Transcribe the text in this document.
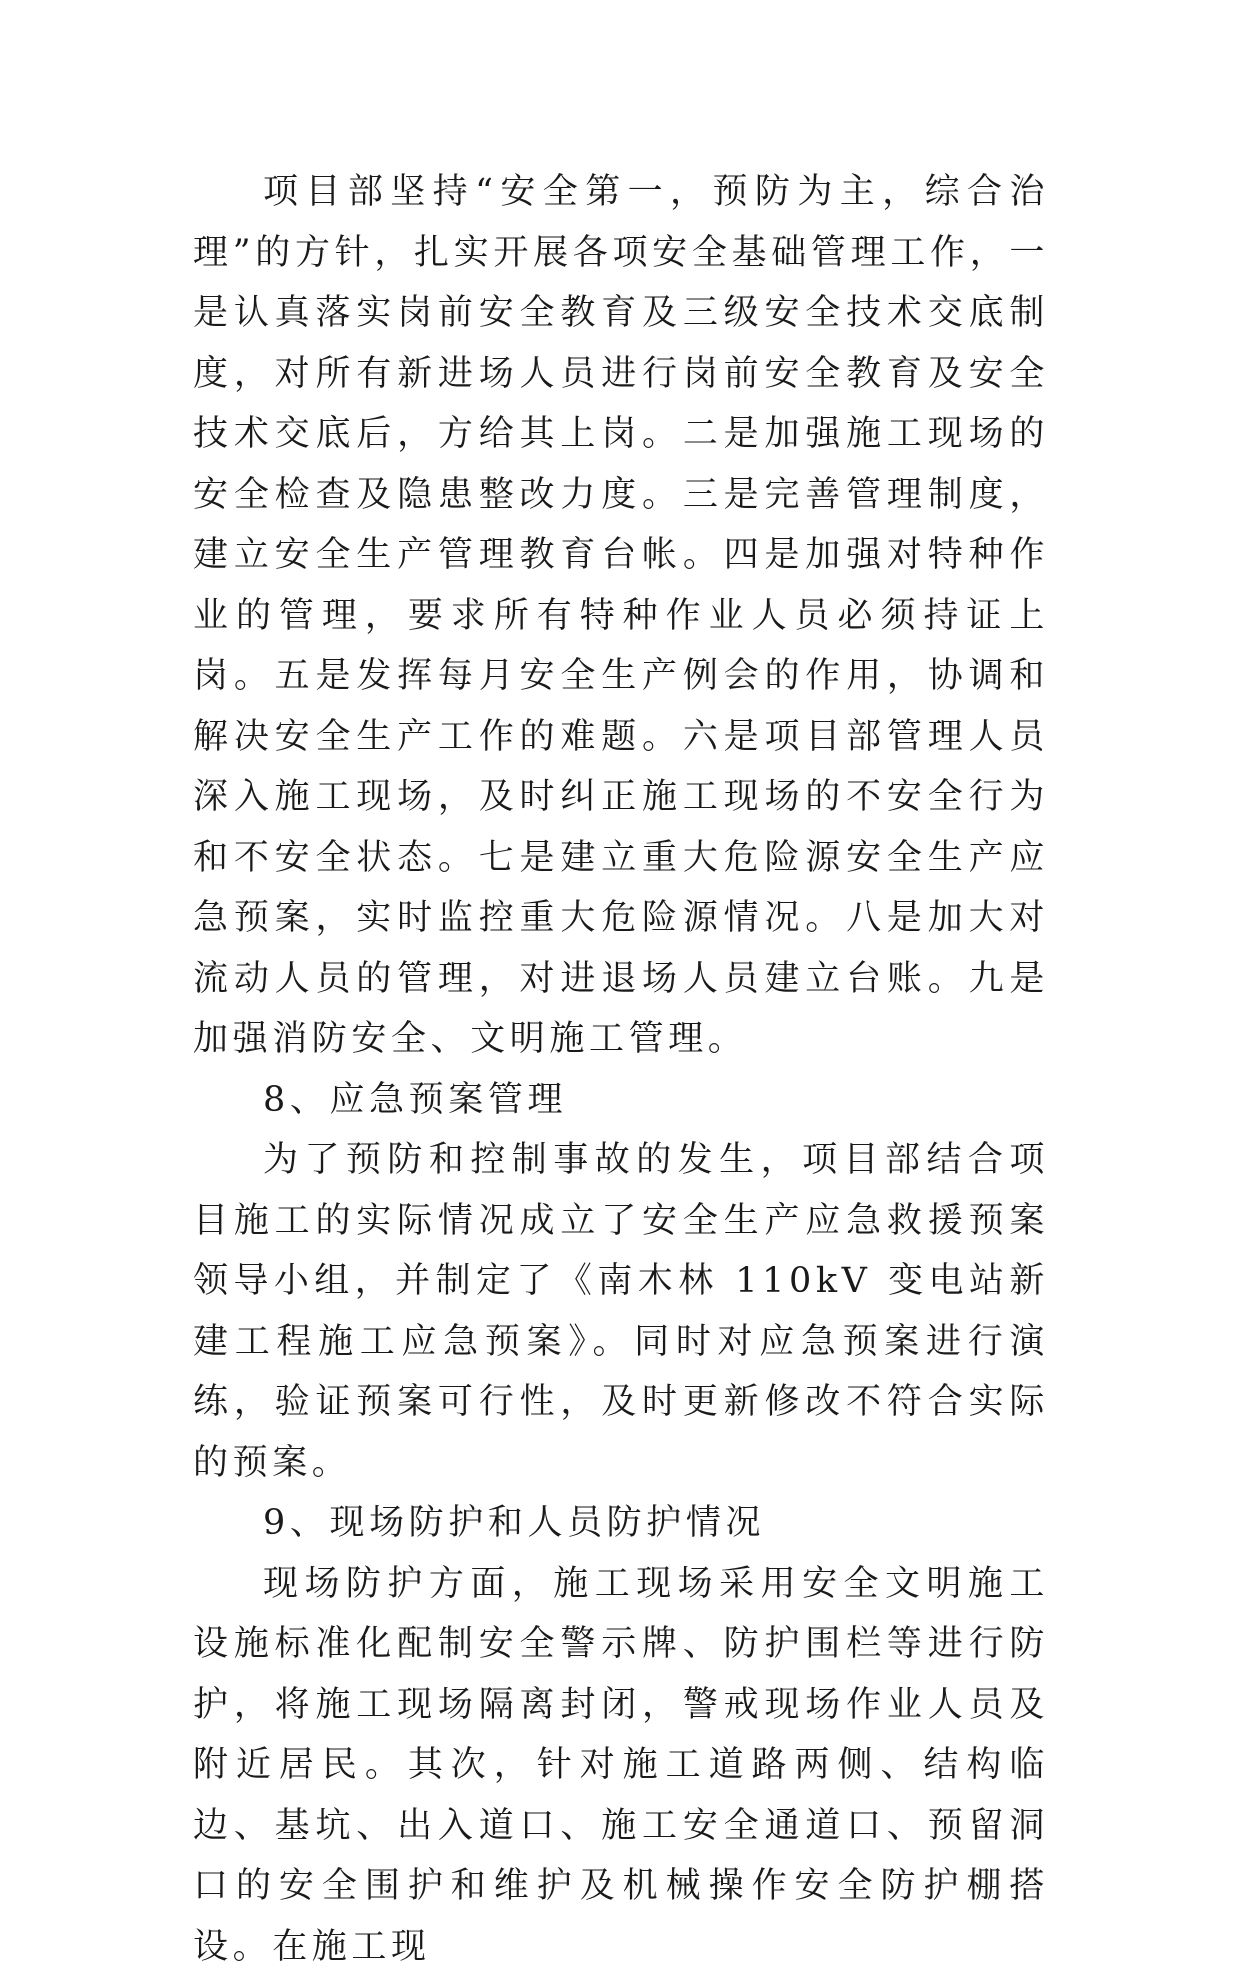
项目部坚持“安全第一，预防为主，综合治理”的方针，扎实开展各项安全基础管理工作，一是认真落实岗前安全教育及三级安全技术交底制度，对所有新进场人员进行岗前安全教育及安全技术交底后，方给其上岗。二是加强施工现场的安全检查及隐患整改力度。三是完善管理制度，建立安全生产管理教育台帐。四是加强对特种作业的管理，要求所有特种作业人员必须持证上岗。五是发挥每月安全生产例会的作用，协调和解决安全生产工作的难题。六是项目部管理人员深入施工现场，及时纠正施工现场的不安全行为和不安全状态。七是建立重大危险源安全生产应急预案，实时监控重大危险源情况。八是加大对流动人员的管理，对进退场人员建立台账。九是加强消防安全、文明施工管理。

8、应急预案管理

为了预防和控制事故的发生，项目部结合项目施工的实际情况成立了安全生产应急救援预案领导小组，并制定了《南木林 110kV 变电站新建工程施工应急预案》。同时对应急预案进行演练，验证预案可行性，及时更新修改不符合实际的预案。

9、现场防护和人员防护情况

现场防护方面，施工现场采用安全文明施工设施标准化配制安全警示牌、防护围栏等进行防护，将施工现场隔离封闭，警戒现场作业人员及附近居民。其次，针对施工道路两侧、结构临边、基坑、出入道口、施工安全通道口、预留洞口的安全围护和维护及机械操作安全防护棚搭设。在施工现
